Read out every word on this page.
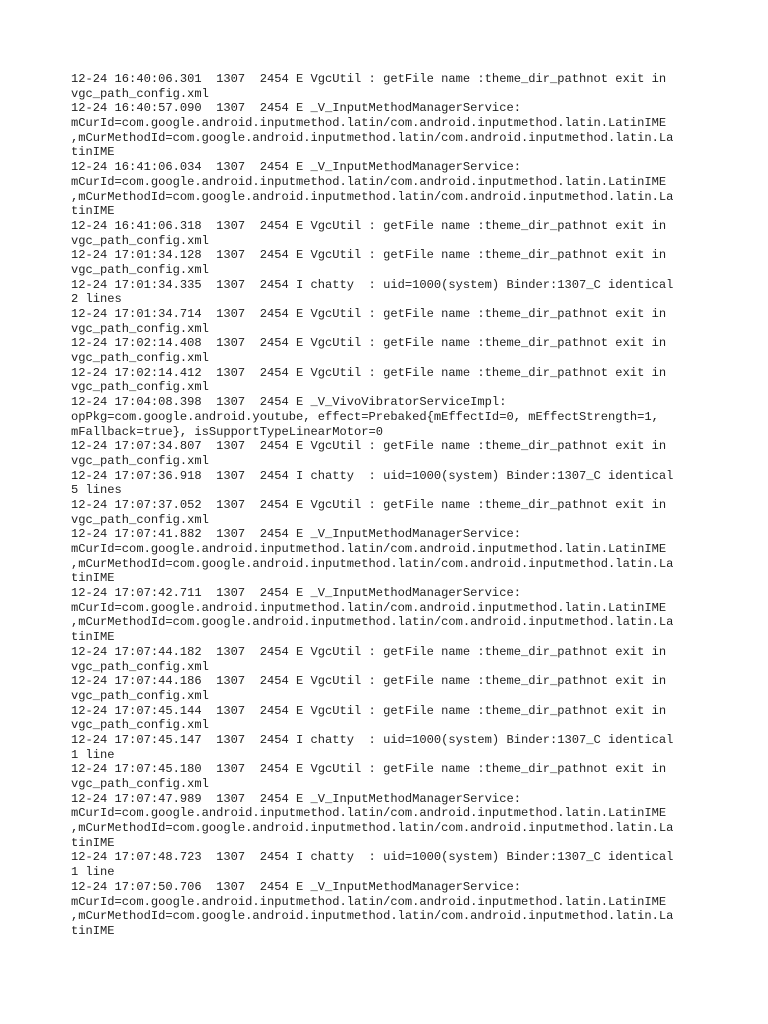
12-24 16:40:06.301  1307  2454 E VgcUtil : getFile name :theme_dir_pathnot exit in
vgc_path_config.xml
12-24 16:40:57.090  1307  2454 E _V_InputMethodManagerService:
mCurId=com.google.android.inputmethod.latin/com.android.inputmethod.latin.LatinIME
,mCurMethodId=com.google.android.inputmethod.latin/com.android.inputmethod.latin.La
tinIME
12-24 16:41:06.034  1307  2454 E _V_InputMethodManagerService:
mCurId=com.google.android.inputmethod.latin/com.android.inputmethod.latin.LatinIME
,mCurMethodId=com.google.android.inputmethod.latin/com.android.inputmethod.latin.La
tinIME
12-24 16:41:06.318  1307  2454 E VgcUtil : getFile name :theme_dir_pathnot exit in
vgc_path_config.xml
12-24 17:01:34.128  1307  2454 E VgcUtil : getFile name :theme_dir_pathnot exit in
vgc_path_config.xml
12-24 17:01:34.335  1307  2454 I chatty  : uid=1000(system) Binder:1307_C identical
2 lines
12-24 17:01:34.714  1307  2454 E VgcUtil : getFile name :theme_dir_pathnot exit in
vgc_path_config.xml
12-24 17:02:14.408  1307  2454 E VgcUtil : getFile name :theme_dir_pathnot exit in
vgc_path_config.xml
12-24 17:02:14.412  1307  2454 E VgcUtil : getFile name :theme_dir_pathnot exit in
vgc_path_config.xml
12-24 17:04:08.398  1307  2454 E _V_VivoVibratorServiceImpl:
opPkg=com.google.android.youtube, effect=Prebaked{mEffectId=0, mEffectStrength=1,
mFallback=true}, isSupportTypeLinearMotor=0
12-24 17:07:34.807  1307  2454 E VgcUtil : getFile name :theme_dir_pathnot exit in
vgc_path_config.xml
12-24 17:07:36.918  1307  2454 I chatty  : uid=1000(system) Binder:1307_C identical
5 lines
12-24 17:07:37.052  1307  2454 E VgcUtil : getFile name :theme_dir_pathnot exit in
vgc_path_config.xml
12-24 17:07:41.882  1307  2454 E _V_InputMethodManagerService:
mCurId=com.google.android.inputmethod.latin/com.android.inputmethod.latin.LatinIME
,mCurMethodId=com.google.android.inputmethod.latin/com.android.inputmethod.latin.La
tinIME
12-24 17:07:42.711  1307  2454 E _V_InputMethodManagerService:
mCurId=com.google.android.inputmethod.latin/com.android.inputmethod.latin.LatinIME
,mCurMethodId=com.google.android.inputmethod.latin/com.android.inputmethod.latin.La
tinIME
12-24 17:07:44.182  1307  2454 E VgcUtil : getFile name :theme_dir_pathnot exit in
vgc_path_config.xml
12-24 17:07:44.186  1307  2454 E VgcUtil : getFile name :theme_dir_pathnot exit in
vgc_path_config.xml
12-24 17:07:45.144  1307  2454 E VgcUtil : getFile name :theme_dir_pathnot exit in
vgc_path_config.xml
12-24 17:07:45.147  1307  2454 I chatty  : uid=1000(system) Binder:1307_C identical
1 line
12-24 17:07:45.180  1307  2454 E VgcUtil : getFile name :theme_dir_pathnot exit in
vgc_path_config.xml
12-24 17:07:47.989  1307  2454 E _V_InputMethodManagerService:
mCurId=com.google.android.inputmethod.latin/com.android.inputmethod.latin.LatinIME
,mCurMethodId=com.google.android.inputmethod.latin/com.android.inputmethod.latin.La
tinIME
12-24 17:07:48.723  1307  2454 I chatty  : uid=1000(system) Binder:1307_C identical
1 line
12-24 17:07:50.706  1307  2454 E _V_InputMethodManagerService:
mCurId=com.google.android.inputmethod.latin/com.android.inputmethod.latin.LatinIME
,mCurMethodId=com.google.android.inputmethod.latin/com.android.inputmethod.latin.La
tinIME
